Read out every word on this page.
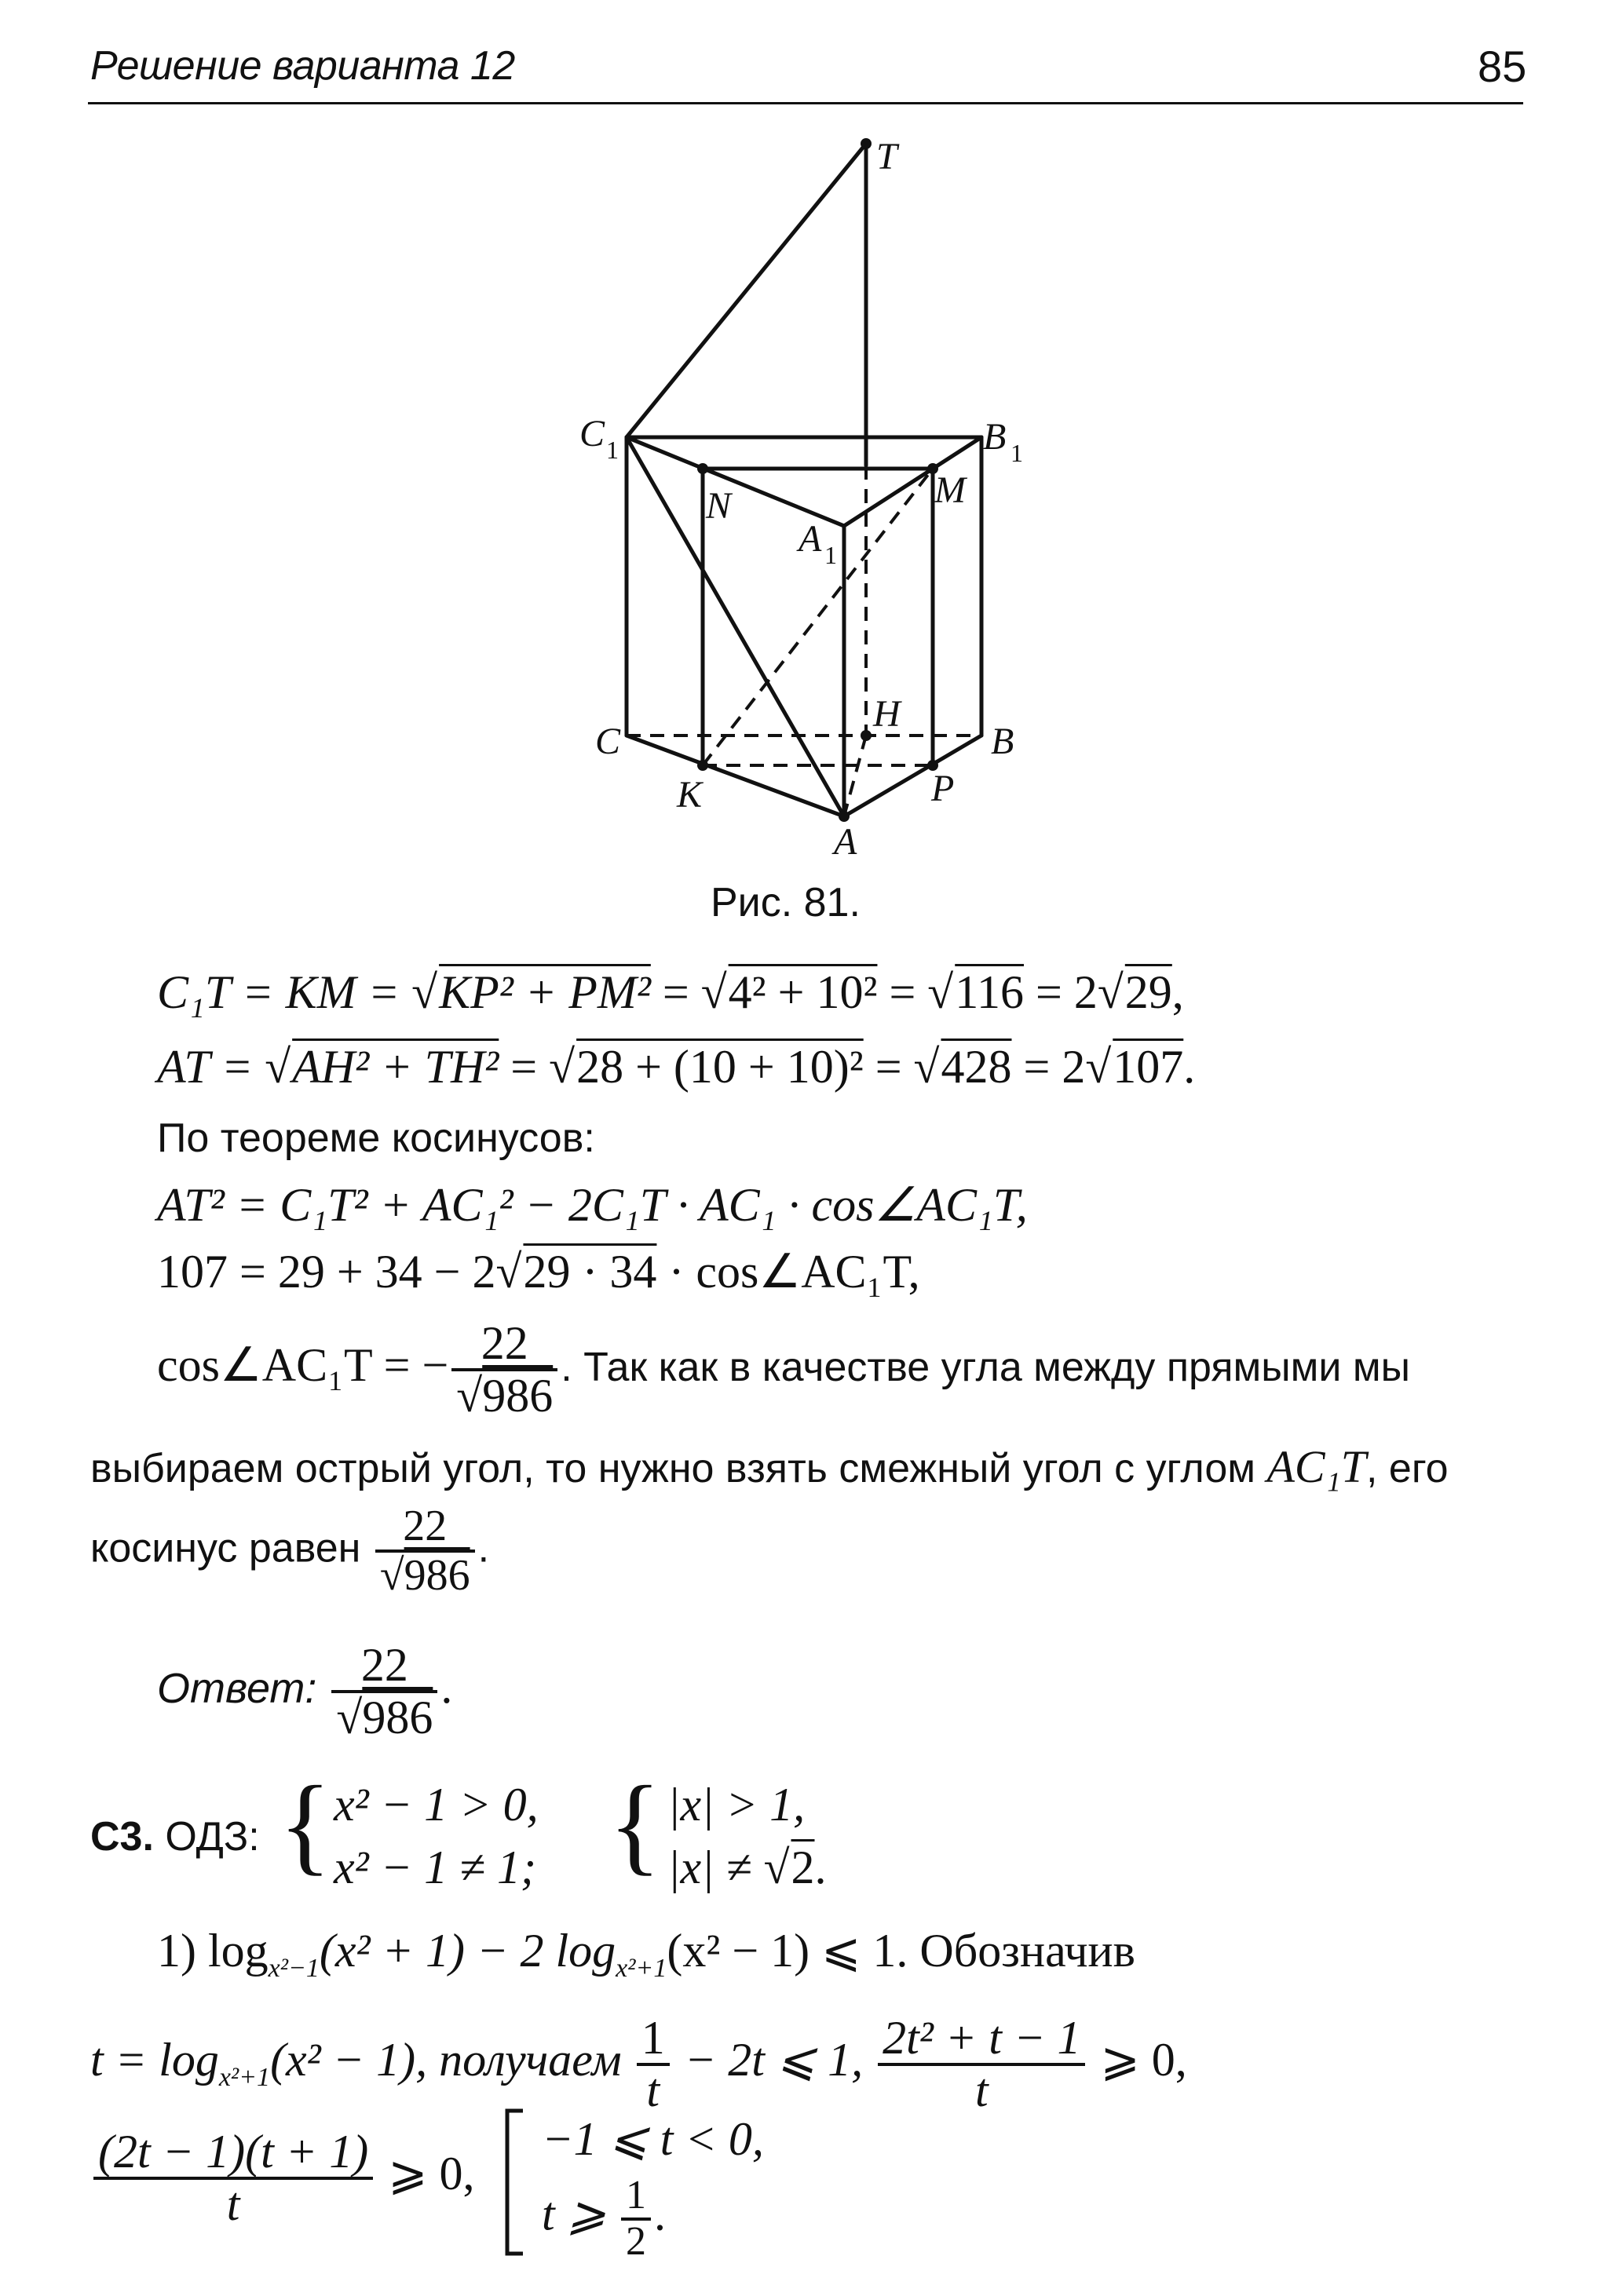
Решение варианта 12	85
T
C 1	B 1
N	M
A 1
H
C	B
K	P
A
Рис. 81.
C₁T = KM = √KP² + PM² = √4² + 10² = √116 = 2√29,
AT = √AH² + TH² = √28 + (10 + 10)² = √428 = 2√107.
По теореме косинусов:
AT² = C₁T² + AC₁² − 2C₁T · AC₁ · cos∠AC₁T,
107 = 29 + 34 − 2√29 · 34 · cos∠AC₁T,
cos∠AC₁T = − $\frac{22}{√986}$ . Так как в качестве угла между прямыми мы
выбираем острый угол, то нужно взять смежный угол с углом AC₁T, его
косинус равен $\frac{22}{√986}$ .
Ответ: $\frac{22}{√986}$ .
С3. ОДЗ: { x² − 1 > 0,
x² − 1 ≠ 1; { |x| > 1,
|x| ≠ √2.
1) $\log_{x^2-1}(x^2 + 1) - 2$ $\log_{x^2+1}(x^2 - 1)$ ⩽ 1. Обозначив
$t = \log_{x^2+1}(x^2 - 1)$, получаем $\frac{1}{t} - 2t$ ⩽ 1, $\frac{\text{2t² + t − 1}}{t}$ ⩾ 0,
$\frac{(2t - 1)(t + 1)}{t}$ ⩾ 0,
−1 ⩽ t < 0,
t ⩾ $\frac{1}{2}$ .
